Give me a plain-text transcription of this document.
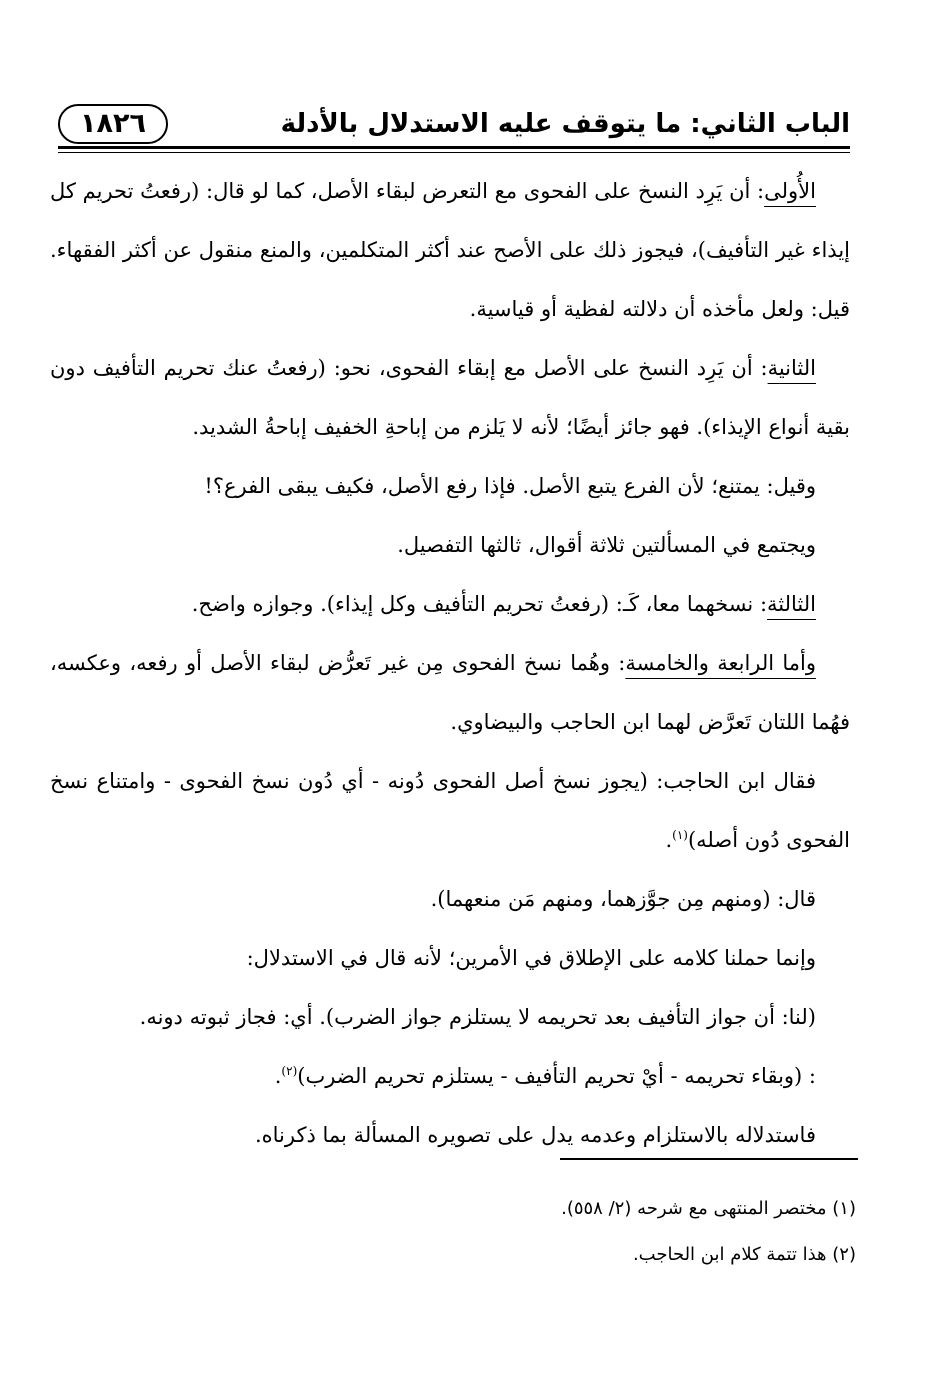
الباب الثاني: ما يتوقف عليه الاستدلال بالأدلة
١٨٢٦

الأُولى: أن يَرِد النسخ على الفحوى مع التعرض لبقاء الأصل، كما لو قال: (رفعتُ تحريم كل إيذاء غير التأفيف)، فيجوز ذلك على الأصح عند أكثر المتكلمين، والمنع منقول عن أكثر الفقهاء. قيل: ولعل مأخذه أن دلالته لفظية أو قياسية.

الثانية: أن يَرِد النسخ على الأصل مع إبقاء الفحوى، نحو: (رفعتُ عنك تحريم التأفيف دون بقية أنواع الإيذاء). فهو جائز أيضًا؛ لأنه لا يَلزم من إباحةِ الخفيف إباحةُ الشديد.

وقيل: يمتنع؛ لأن الفرع يتبع الأصل. فإذا رفع الأصل، فكيف يبقى الفرع؟!

ويجتمع في المسألتين ثلاثة أقوال، ثالثها التفصيل.

الثالثة: نسخهما معا، كَـ: (رفعتُ تحريم التأفيف وكل إيذاء). وجوازه واضح.

وأما الرابعة والخامسة: وهُما نسخ الفحوى مِن غير تَعرُّض لبقاء الأصل أو رفعه، وعكسه، فهُما اللتان تَعرَّض لهما ابن الحاجب والبيضاوي.

فقال ابن الحاجب: (يجوز نسخ أصل الفحوى دُونه - أي دُون نسخ الفحوى - وامتناع نسخ الفحوى دُون أصله)$^{(١)}$.

قال: (ومنهم مِن جوَّزهما، ومنهم مَن منعهما).

وإنما حملنا كلامه على الإطلاق في الأمرين؛ لأنه قال في الاستدلال:

(لنا: أن جواز التأفيف بعد تحريمه لا يستلزم جواز الضرب). أي: فجاز ثبوته دونه.

: (وبقاء تحريمه - أيْ تحريم التأفيف - يستلزم تحريم الضرب)$^{(٢)}$.

فاستدلاله بالاستلزام وعدمه يدل على تصويره المسألة بما ذكرناه.

(١) مختصر المنتهى مع شرحه (٢/ ٥٥٨).

(٢) هذا تتمة كلام ابن الحاجب.
